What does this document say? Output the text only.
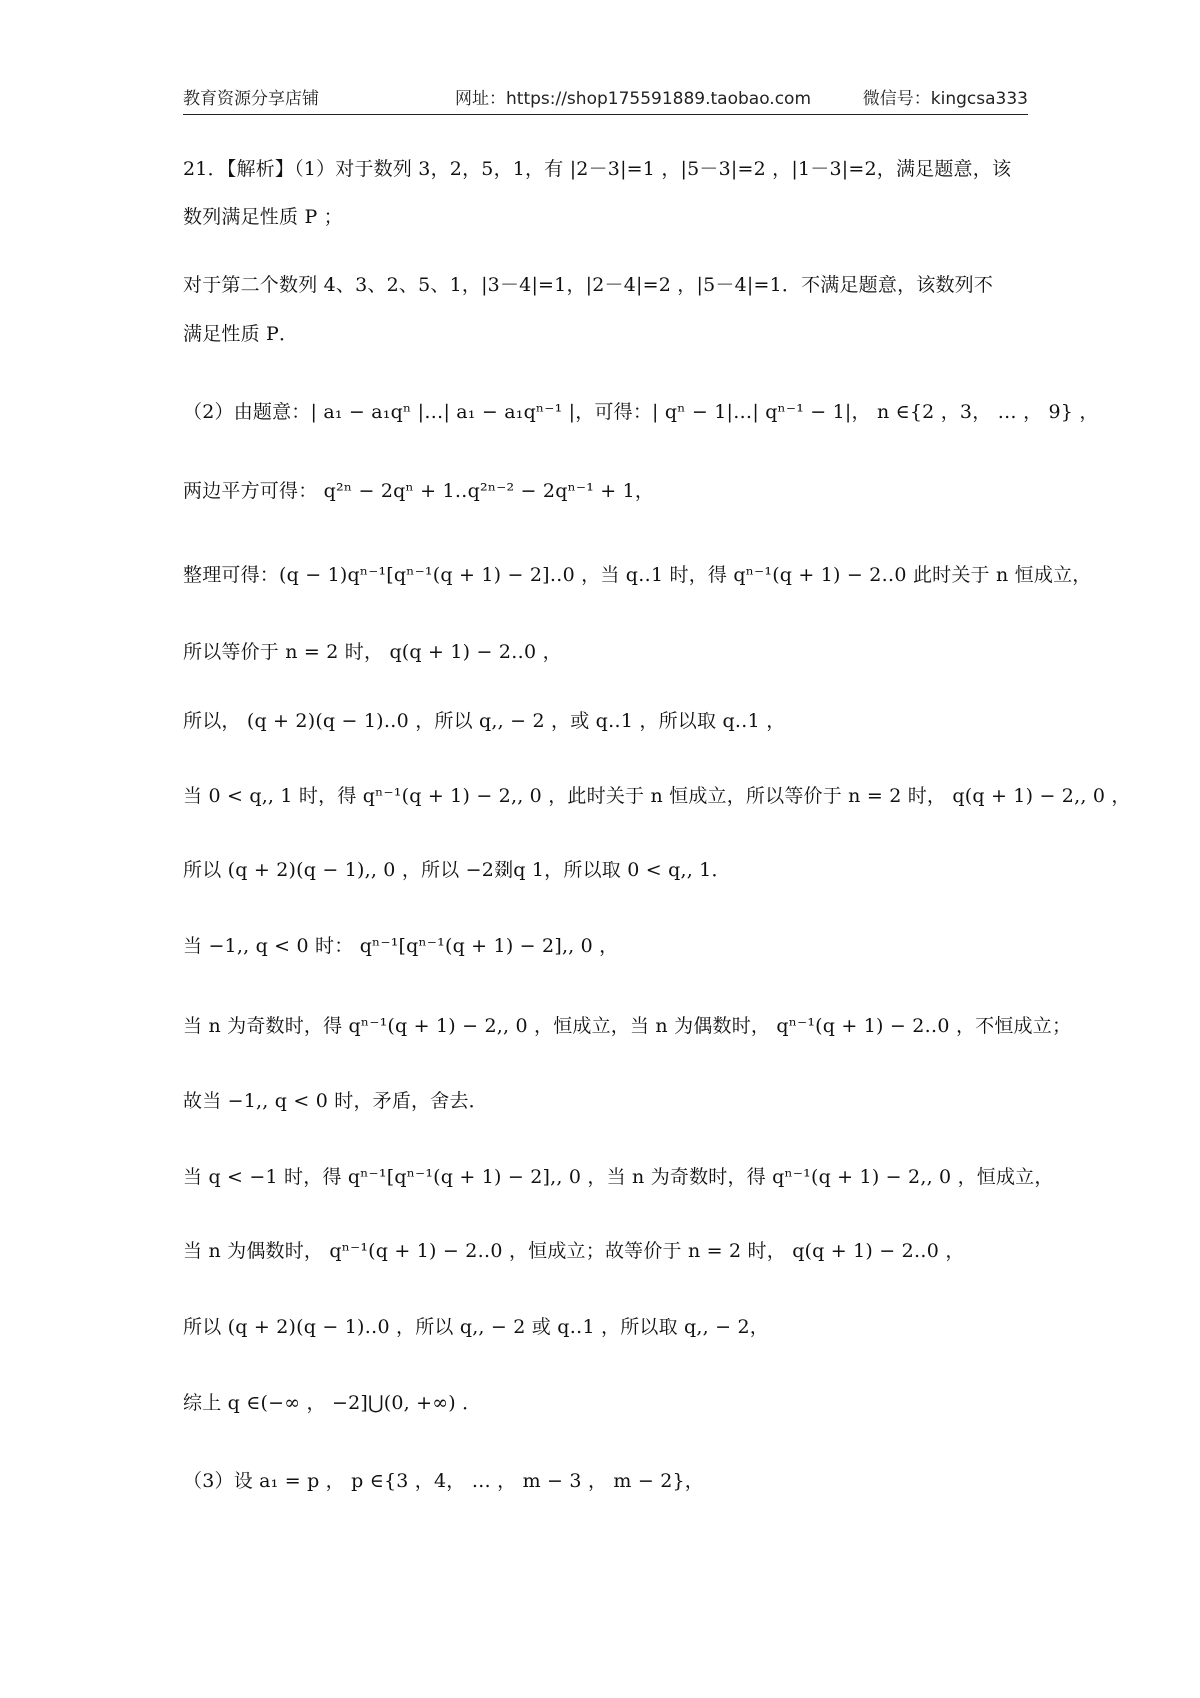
教育资源分享店铺	网址：https://shop175591889.taobao.com	微信号：kingcsa333
21．【解析】（1）对于数列 3，2，5，1，有 |2－3|=1 ，|5－3|=2 ，|1－3|=2，满足题意，该
数列满足性质 P ；
对于第二个数列 4、3、2、5、1，|3－4|=1，|2－4|=2 ，|5－4|=1．不满足题意，该数列不
满足性质 P．
（2）由题意：| a₁ − a₁qⁿ |…| a₁ − a₁qⁿ⁻¹ |，可得：| qⁿ − 1|…| qⁿ⁻¹ − 1|， n ∈{2 ，3， … ， 9} ，
两边平方可得： q²ⁿ − 2qⁿ + 1‥q²ⁿ⁻² − 2qⁿ⁻¹ + 1，
整理可得：(q − 1)qⁿ⁻¹[qⁿ⁻¹(q + 1) − 2]‥0 ，当 q‥1 时，得 qⁿ⁻¹(q + 1) − 2‥0 此时关于 n 恒成立，
所以等价于 n = 2 时， q(q + 1) − 2‥0 ，
所以， (q + 2)(q − 1)‥0 ，所以 q,, − 2 ，或 q‥1 ，所以取 q‥1 ，
当 0 < q,, 1 时，得 qⁿ⁻¹(q + 1) − 2,, 0 ，此时关于 n 恒成立，所以等价于 n = 2 时， q(q + 1) − 2,, 0 ，
所以 (q + 2)(q − 1),, 0 ，所以 −2剟q 1，所以取 0 < q,, 1．
当 −1,, q < 0 时： qⁿ⁻¹[qⁿ⁻¹(q + 1) − 2],, 0 ，
当 n 为奇数时，得 qⁿ⁻¹(q + 1) − 2,, 0 ，恒成立，当 n 为偶数时， qⁿ⁻¹(q + 1) − 2‥0 ，不恒成立；
故当 −1,, q < 0 时，矛盾，舍去．
当 q < −1 时，得 qⁿ⁻¹[qⁿ⁻¹(q + 1) − 2],, 0 ，当 n 为奇数时，得 qⁿ⁻¹(q + 1) − 2,, 0 ，恒成立，
当 n 为偶数时， qⁿ⁻¹(q + 1) − 2‥0 ，恒成立；故等价于 n = 2 时， q(q + 1) − 2‥0 ，
所以 (q + 2)(q − 1)‥0 ，所以 q,, − 2 或 q‥1 ，所以取 q,, − 2，
综上 q ∈(−∞ ， −2]⋃(0, +∞) ．
（3）设 a₁ = p ， p ∈{3 ，4， … ， m − 3 ， m − 2}，
